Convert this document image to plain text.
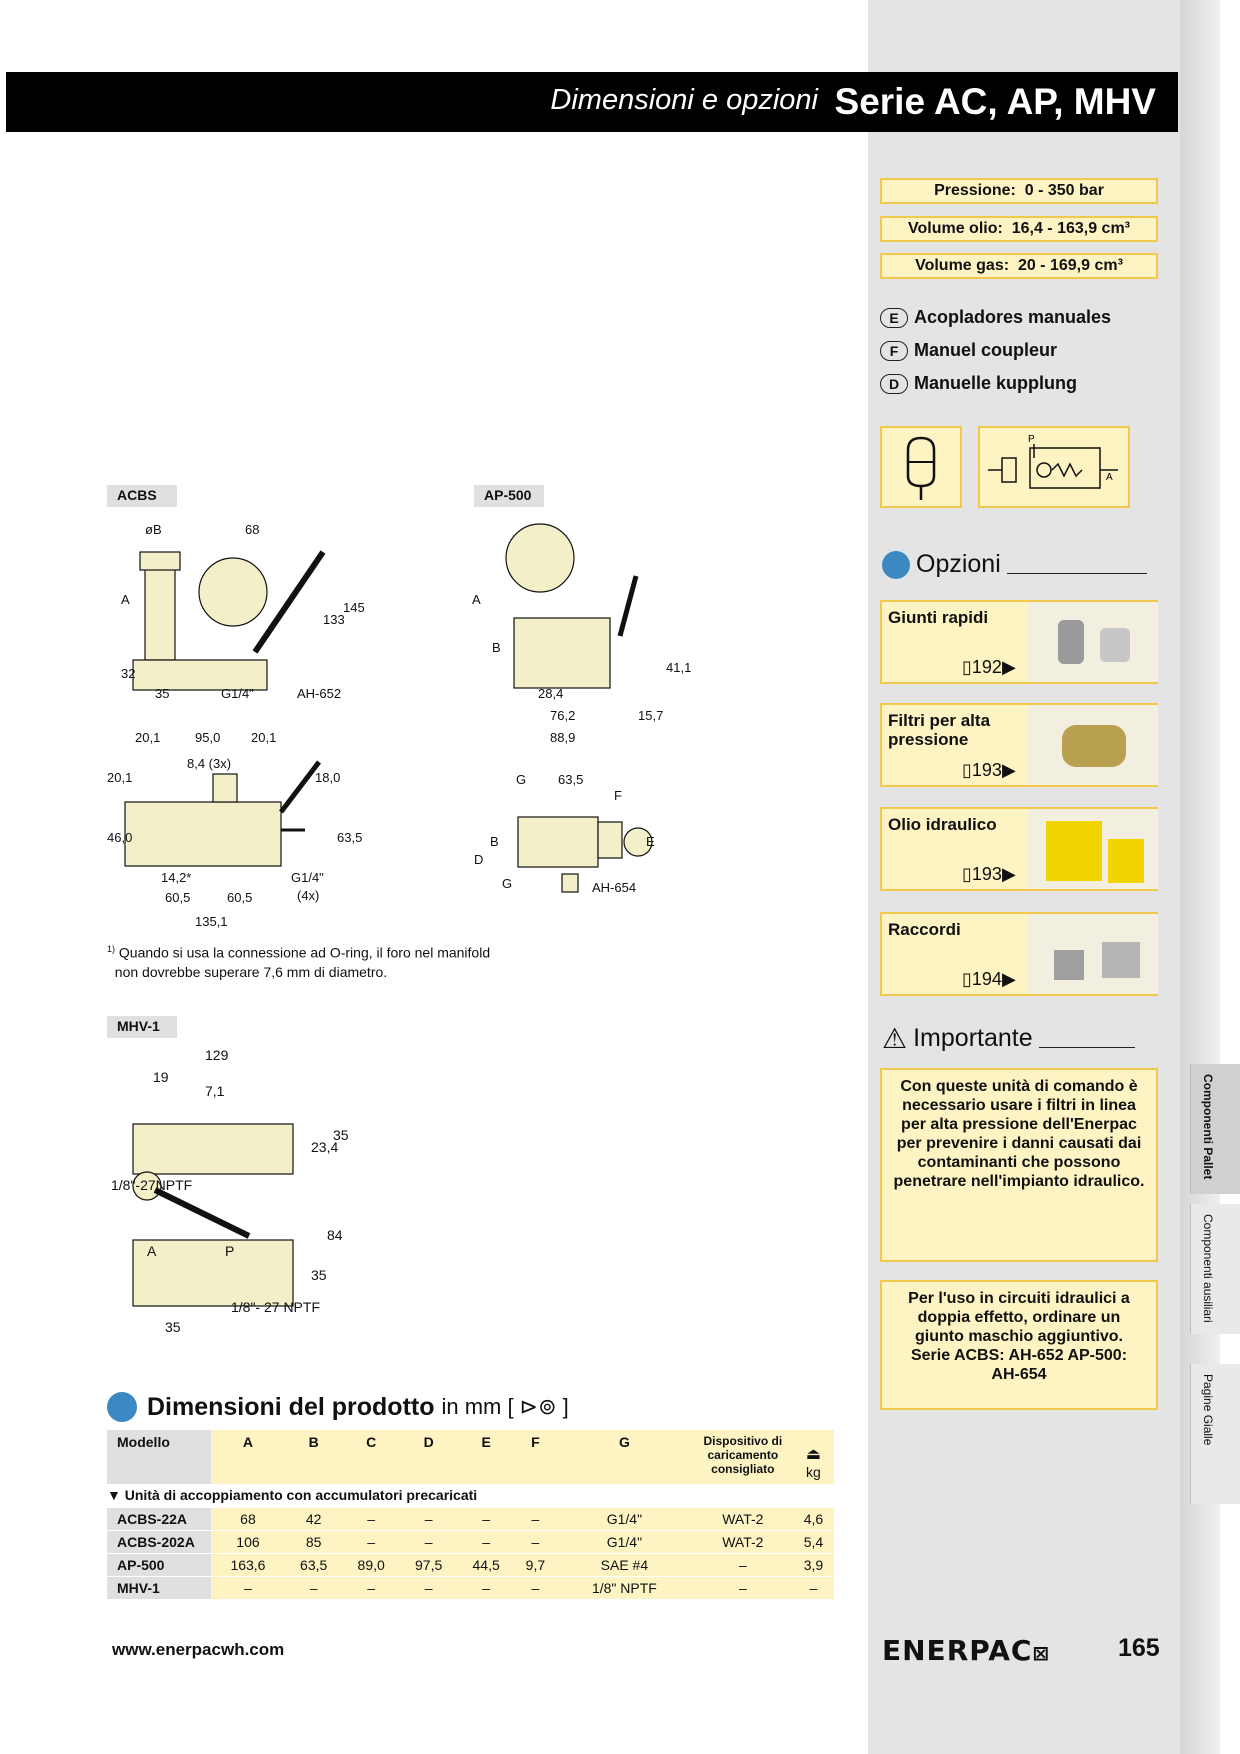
Dimensioni e opzioni Serie AC, AP, MHV
Pressione: 0 - 350 bar
Volume olio: 16,4 - 163,9 cm³
Volume gas: 20 - 169,9 cm³
E Acopladores manuales
F Manuel coupleur
D Manuelle kupplung
P
A
Opzioni
Giunti rapidi
▯192▶
Filtri per alta pressione
▯193▶
Olio idraulico
▯193▶
Raccordi
▯194▶
⚠ Importante
Con queste unità di comando è necessario usare i filtri in linea per alta pressione dell'Enerpac per prevenire i danni causati dai contaminanti che possono penetrare nell'impianto idraulico.
Per l'uso in circuiti idraulici a doppia effetto, ordinare un giunto maschio aggiuntivo. Serie ACBS: AH-652 AP-500: AH-654
Componenti Pallet
Componenti ausiliari
Pagine Gialle
ACBS	AP-500
MHV-1
øB	68
A
133
145
32
35	G1/4"	AH-652
20,1	95,0 20,1
8,4 (3x)
20,1	18,0
46,0	63,5
14,2*	G1/4"
60,5	60,5	(4x)
135,1
A
B
41,1
28,4
76,2
88,9
15,7
G 63,5
F
B	E
D
G	AH-654
$^{1)}$ Quando si usa la connessione ad O-ring, il foro nel manifold
non dovrebbe superare 7,6 mm di diametro.
129
19
7,1
23,4
35
1/8"-27NPTF
84
A	P
35
1/8"- 27 NPTF
35
Dimensioni del prodotto
in mm [ ⊳⊚ ]
Modello	A	B	C	D	E	F	G	Dispositivo di caricamento consigliato	⏏
kg
▼ Unità di accoppiamento con accumulatori precaricati									
ACBS-22A	68	42	–	–	–	–	G1/4"	WAT-2	4,6
ACBS-202A	106	85	–	–	–	–	G1/4"	WAT-2	5,4
AP-500	163,6	63,5	89,0	97,5	44,5	9,7	SAE #4	–	3,9
MHV-1	–	–	–	–	–	–	1/8" NPTF	–	–
www.enerpacwh.com	ENERPAC⊠	165
